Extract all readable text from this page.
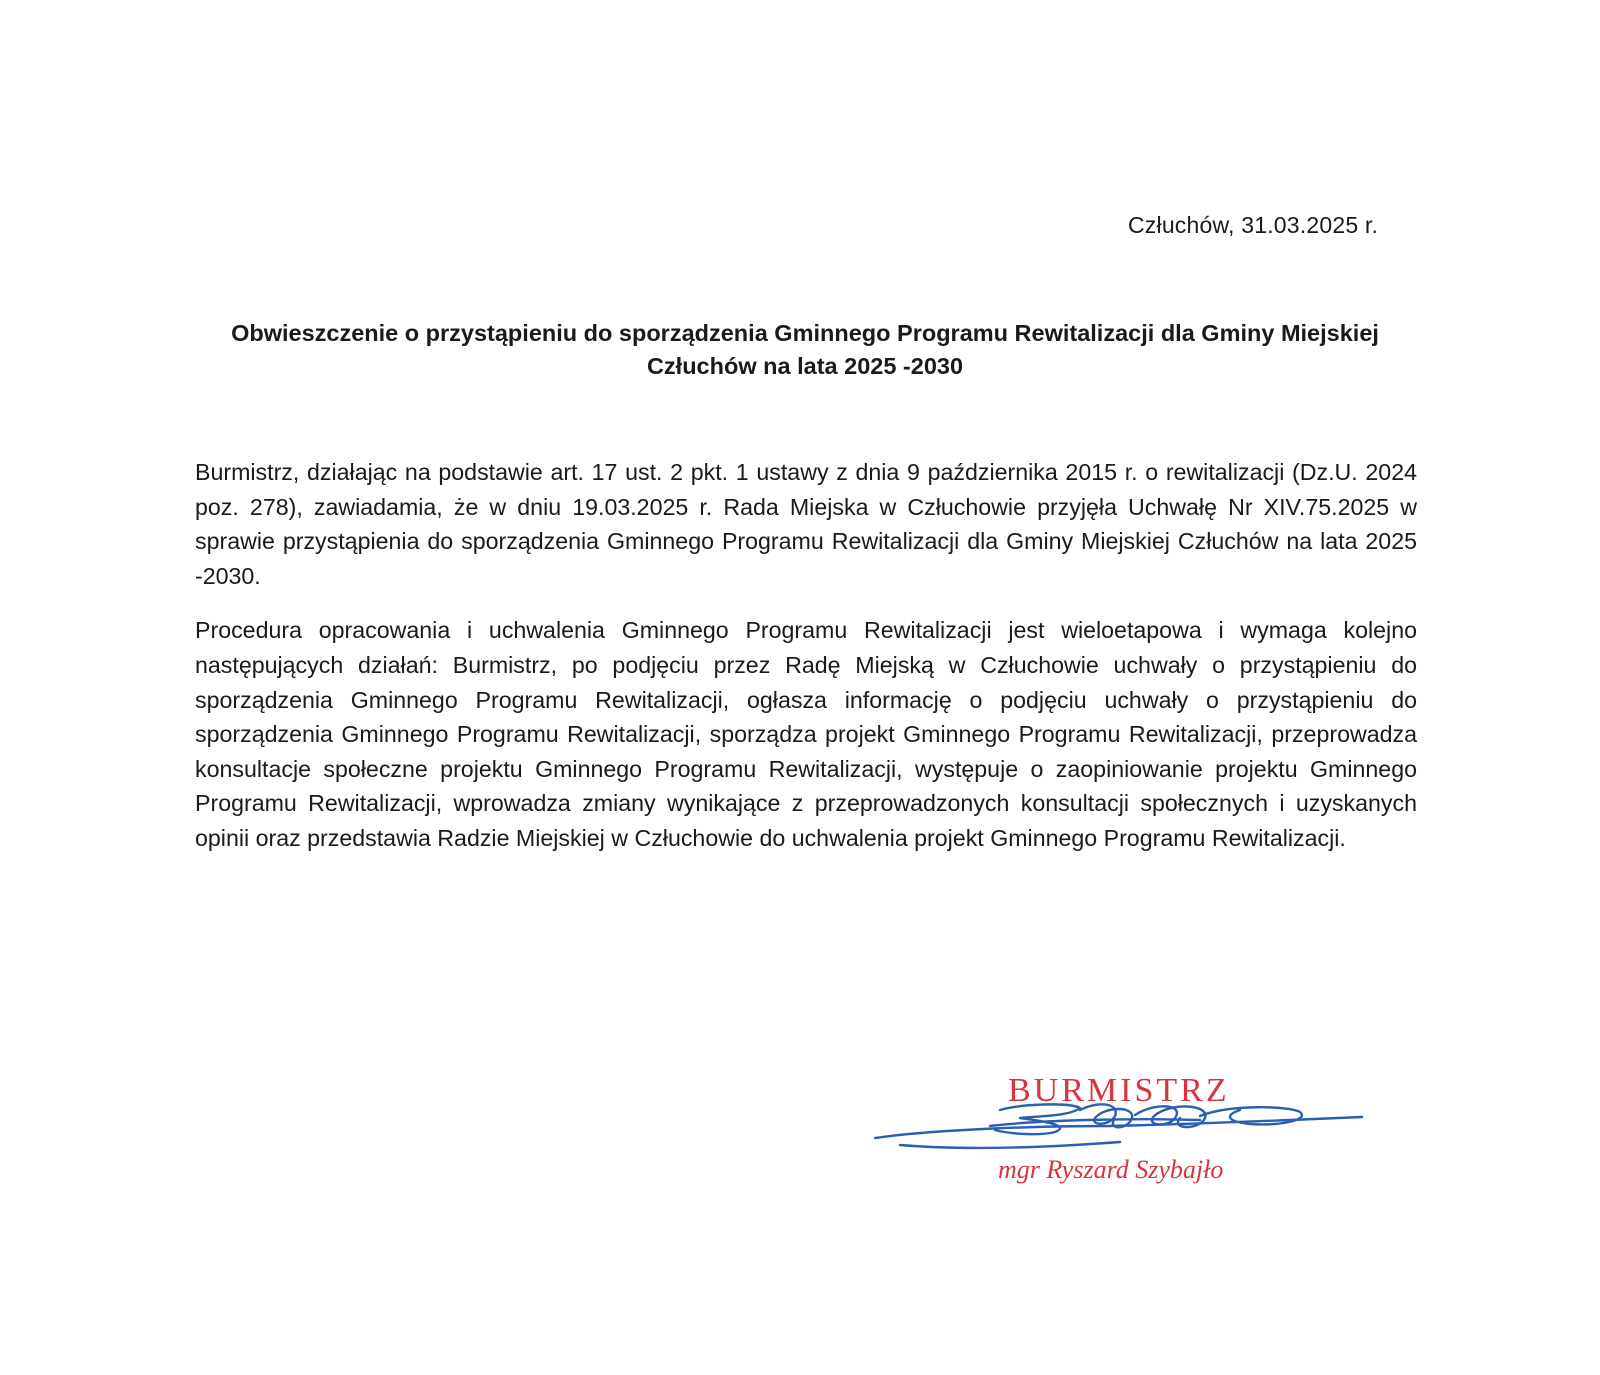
Człuchów, 31.03.2025 r.
Obwieszczenie o przystąpieniu do sporządzenia Gminnego Programu Rewitalizacji dla Gminy Miejskiej Człuchów na lata 2025 -2030

Burmistrz, działając na podstawie art. 17 ust. 2 pkt. 1 ustawy z dnia 9 października 2015 r. o rewitalizacji (Dz.U. 2024 poz. 278), zawiadamia, że w dniu 19.03.2025 r. Rada Miejska w Człuchowie przyjęła Uchwałę Nr XIV.75.2025 w sprawie przystąpienia do sporządzenia Gminnego Programu Rewitalizacji dla Gminy Miejskiej Człuchów na lata 2025 -2030.

Procedura opracowania i uchwalenia Gminnego Programu Rewitalizacji jest wieloetapowa i wymaga kolejno następujących działań: Burmistrz, po podjęciu przez Radę Miejską w Człuchowie uchwały o przystąpieniu do sporządzenia Gminnego Programu Rewitalizacji, ogłasza informację o podjęciu uchwały o przystąpieniu do sporządzenia Gminnego Programu Rewitalizacji, sporządza projekt Gminnego Programu Rewitalizacji, przeprowadza konsultacje społeczne projektu Gminnego Programu Rewitalizacji, występuje o zaopiniowanie projektu Gminnego Programu Rewitalizacji, wprowadza zmiany wynikające z przeprowadzonych konsultacji społecznych i uzyskanych opinii oraz przedstawia Radzie Miejskiej w Człuchowie do uchwalenia projekt Gminnego Programu Rewitalizacji.

BURMISTRZ
mgr Ryszard Szybajło
